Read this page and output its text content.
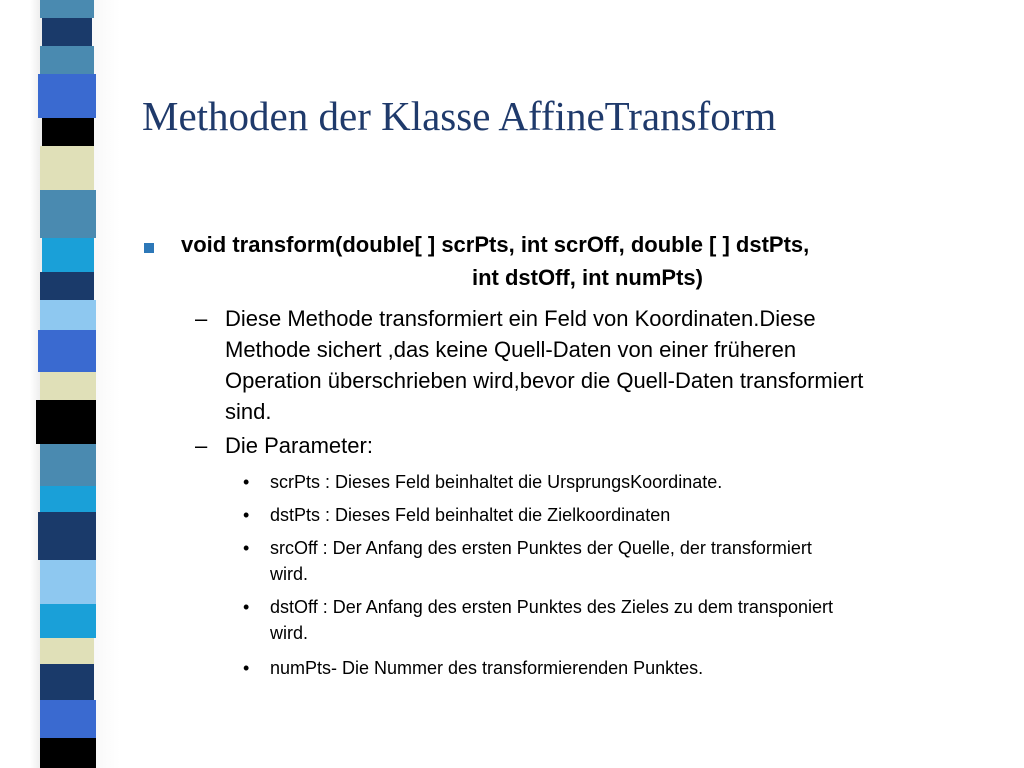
Methoden der Klasse AffineTransform
void transform(double[ ] scrPts, int scrOff, double [ ] dstPts,
int dstOff, int numPts)
– Diese Methode transformiert ein Feld von Koordinaten.Diese
Methode sichert ,das keine Quell-Daten von einer früheren
Operation überschrieben wird,bevor die Quell-Daten transformiert
sind.
– Die Parameter:
• scrPts : Dieses Feld beinhaltet die UrsprungsKoordinate.
• dstPts : Dieses Feld beinhaltet die Zielkoordinaten
• srcOff : Der Anfang des ersten Punktes der Quelle, der transformiert
wird.
• dstOff : Der Anfang des ersten Punktes des Zieles zu dem transponiert
wird.
• numPts- Die Nummer des transformierenden Punktes.
